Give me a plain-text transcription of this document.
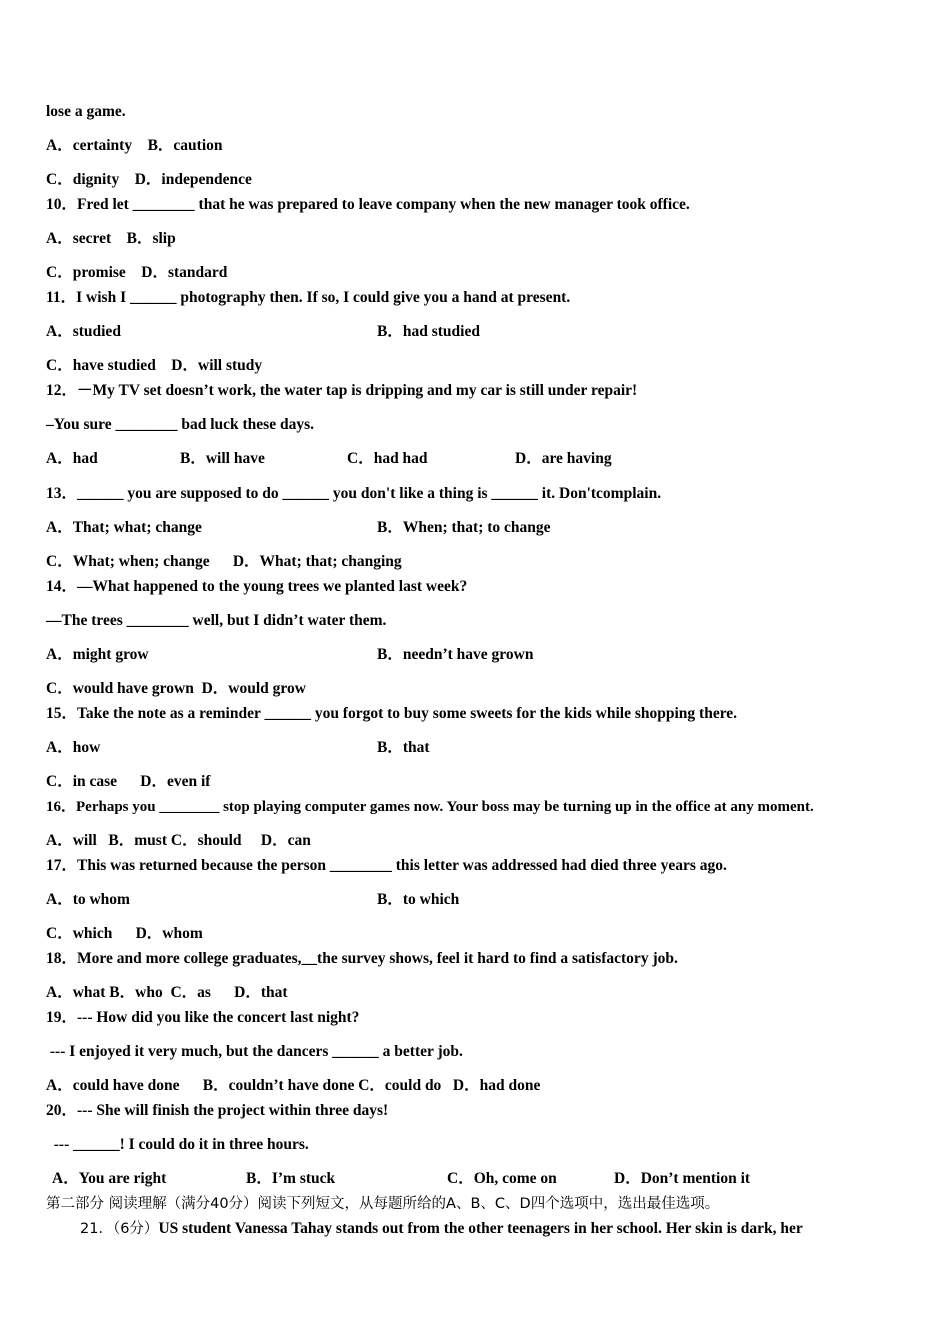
lose a game.
A．certainty    B．caution
C．dignity    D．independence
10．Fred let ________ that he was prepared to leave company when the new manager took office.
A．secret    B．slip
C．promise    D．standard
11．I wish I ______ photography then. If so, I could give you a hand at present.
A．studied	B．had studied
C．have studied    D．will study
12．－My TV set doesn’t work, the water tap is dripping and my car is still under repair!
–You sure ________ bad luck these days.
A．had	B．will have	C．had had	D．are having
13．______ you are supposed to do ______ you don't like a thing is ______ it. Don'tcomplain.
A．That; what; change	B．When; that; to change
C．What; when; change      D．What; that; changing
14．—What happened to the young trees we planted last week?
—The trees ________ well, but I didn’t water them.
A．might grow	B．needn’t have grown
C．would have grown  D．would grow
15．Take the note as a reminder ______ you forgot to buy some sweets for the kids while shopping there.
A．how	B．that
C．in case      D．even if
16．Perhaps you ________ stop playing computer games now. Your boss may be turning up in the office at any moment.
A．will   B．must C．should     D．can
17．This was returned because the person ________ this letter was addressed had died three years ago.
A．to whom	B．to which
C．which      D．whom
18．More and more college graduates,__the survey shows, feel it hard to find a satisfactory job.
A．what B．who  C．as      D．that
19．--- How did you like the concert last night?
--- I enjoyed it very much, but the dancers ______ a better job.
A．could have done      B．couldn’t have done C．could do   D．had done
20．--- She will finish the project within three days!
--- ______! I could do it in three hours.
A．You are right	B．I’m stuck	C．Oh, come on	D．Don’t mention it
第二部分 阅读理解（满分40分）阅读下列短文，从每题所给的A、B、C、D四个选项中，选出最佳选项。
21．（6分）US student Vanessa Tahay stands out from the other teenagers in her school. Her skin is dark, her
